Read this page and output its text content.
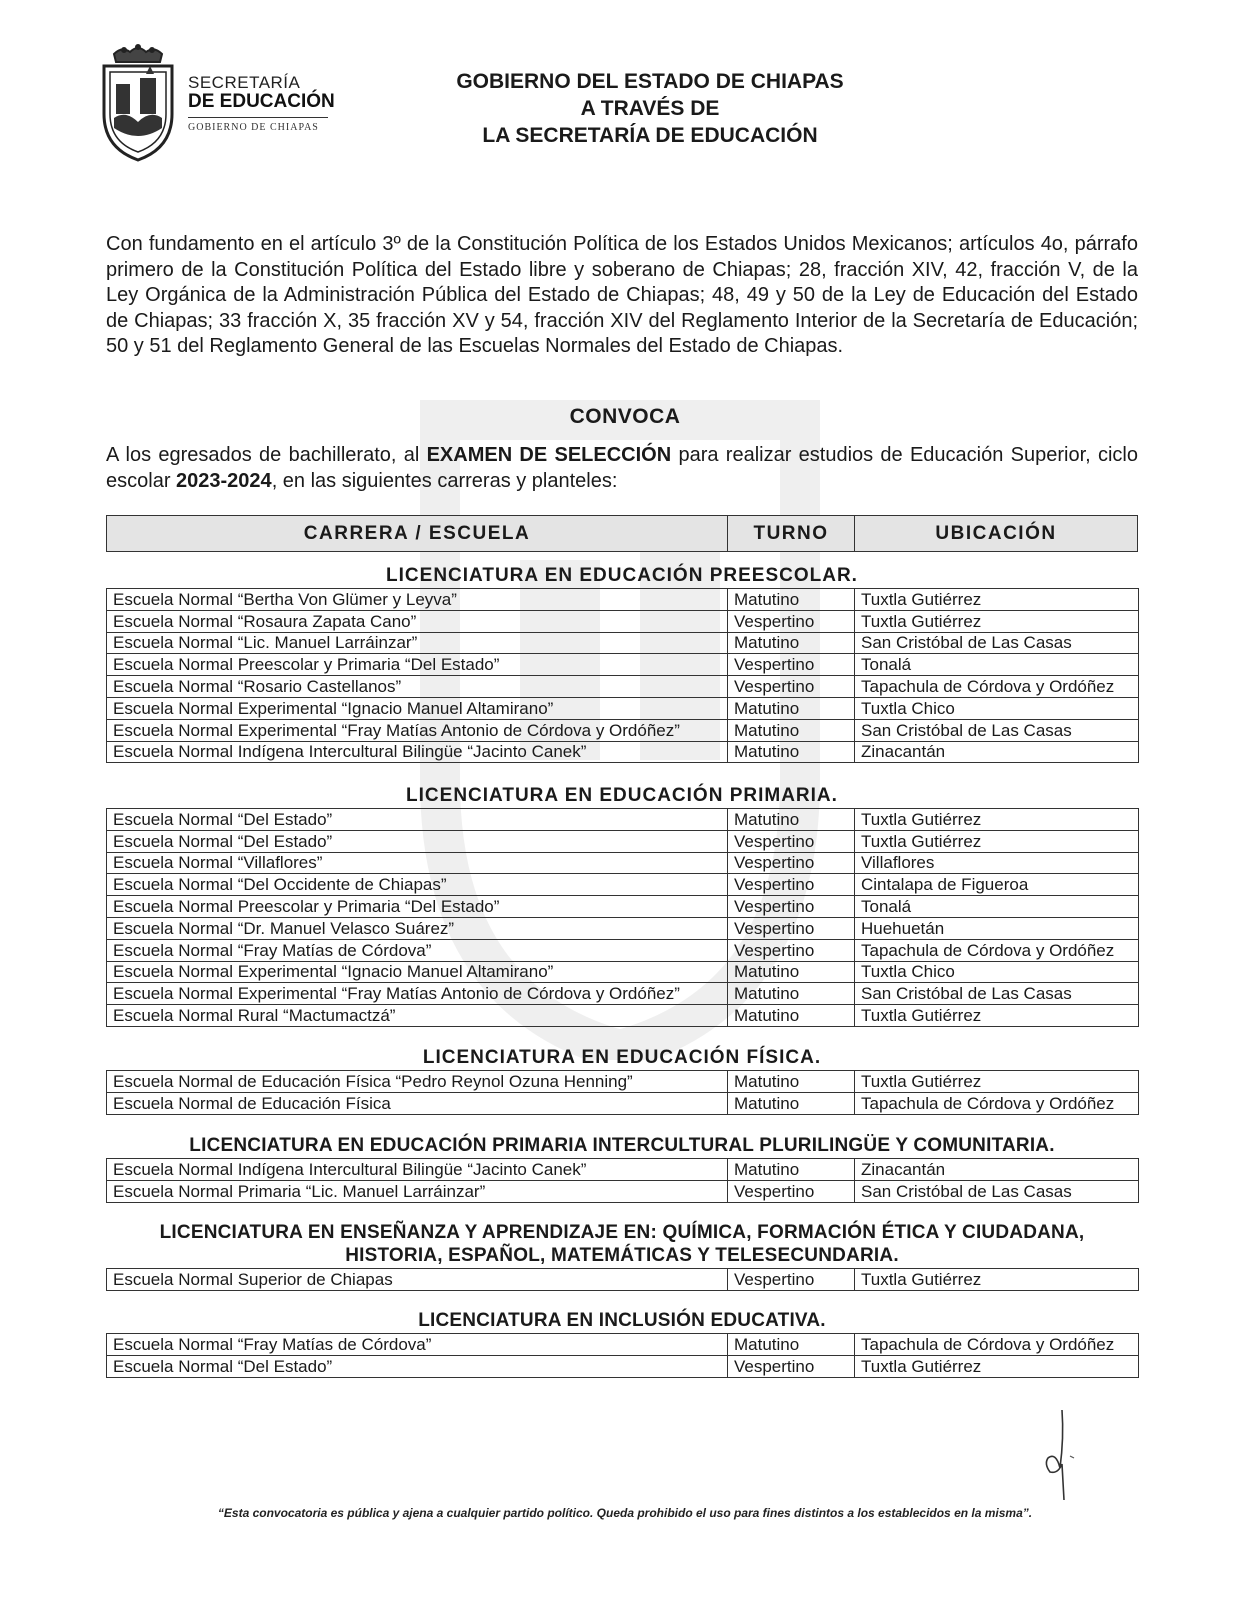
SECRETARÍA
DE EDUCACIÓN
GOBIERNO DE CHIAPAS
GOBIERNO DEL ESTADO DE CHIAPAS
A TRAVÉS DE
LA SECRETARÍA DE EDUCACIÓN
Con fundamento en el artículo 3º de la Constitución Política de los Estados Unidos Mexicanos; artículos 4o, párrafo primero de la Constitución Política del Estado libre y soberano de Chiapas; 28, fracción XIV, 42, fracción V, de la Ley Orgánica de la Administración Pública del Estado de Chiapas; 48, 49 y 50 de la Ley de Educación del Estado de Chiapas; 33 fracción X, 35 fracción XV y 54, fracción XIV del Reglamento Interior de la Secretaría de Educación; 50 y 51 del Reglamento General de las Escuelas Normales del Estado de Chiapas.
CONVOCA
A los egresados de bachillerato, al EXAMEN DE SELECCIÓN para realizar estudios de Educación Superior, ciclo escolar 2023-2024, en las siguientes carreras y planteles:
CARRERA / ESCUELA	TURNO	UBICACIÓN
LICENCIATURA EN EDUCACIÓN PREESCOLAR.
Escuela Normal “Bertha Von Glümer y Leyva”	Matutino	Tuxtla Gutiérrez
Escuela Normal “Rosaura Zapata Cano”	Vespertino	Tuxtla Gutiérrez
Escuela Normal “Lic. Manuel Larráinzar”	Matutino	San Cristóbal de Las Casas
Escuela Normal Preescolar y Primaria “Del Estado”	Vespertino	Tonalá
Escuela Normal “Rosario Castellanos”	Vespertino	Tapachula de Córdova y Ordóñez
Escuela Normal Experimental “Ignacio Manuel Altamirano”	Matutino	Tuxtla Chico
Escuela Normal Experimental “Fray Matías Antonio de Córdova y Ordóñez”	Matutino	San Cristóbal de Las Casas
Escuela Normal Indígena Intercultural Bilingüe “Jacinto Canek”	Matutino	Zinacantán
LICENCIATURA EN EDUCACIÓN PRIMARIA.
Escuela Normal “Del Estado”	Matutino	Tuxtla Gutiérrez
Escuela Normal “Del Estado”	Vespertino	Tuxtla Gutiérrez
Escuela Normal “Villaflores”	Vespertino	Villaflores
Escuela Normal “Del Occidente de Chiapas”	Vespertino	Cintalapa de Figueroa
Escuela Normal Preescolar y Primaria “Del Estado”	Vespertino	Tonalá
Escuela Normal “Dr. Manuel Velasco Suárez”	Vespertino	Huehuetán
Escuela Normal “Fray Matías de Córdova”	Vespertino	Tapachula de Córdova y Ordóñez
Escuela Normal Experimental “Ignacio Manuel Altamirano”	Matutino	Tuxtla Chico
Escuela Normal Experimental “Fray Matías Antonio de Córdova y Ordóñez”	Matutino	San Cristóbal de Las Casas
Escuela Normal Rural “Mactumactzá”	Matutino	Tuxtla Gutiérrez
LICENCIATURA EN EDUCACIÓN FÍSICA.
Escuela Normal de Educación Física “Pedro Reynol Ozuna Henning”	Matutino	Tuxtla Gutiérrez
Escuela Normal de Educación Física	Matutino	Tapachula de Córdova y Ordóñez
LICENCIATURA EN EDUCACIÓN PRIMARIA INTERCULTURAL PLURILINGÜE Y COMUNITARIA.
Escuela Normal Indígena Intercultural Bilingüe “Jacinto Canek”	Matutino	Zinacantán
Escuela Normal Primaria “Lic. Manuel Larráinzar”	Vespertino	San Cristóbal de Las Casas
LICENCIATURA EN ENSEÑANZA Y APRENDIZAJE EN: QUÍMICA, FORMACIÓN ÉTICA Y CIUDADANA,
HISTORIA, ESPAÑOL, MATEMÁTICAS Y TELESECUNDARIA.
Escuela Normal Superior de Chiapas	Vespertino	Tuxtla Gutiérrez
LICENCIATURA EN INCLUSIÓN EDUCATIVA.
Escuela Normal “Fray Matías de Córdova”	Matutino	Tapachula de Córdova y Ordóñez
Escuela Normal “Del Estado”	Vespertino	Tuxtla Gutiérrez
“Esta convocatoria es pública y ajena a cualquier partido político. Queda prohibido el uso para fines distintos a los establecidos en la misma”.
